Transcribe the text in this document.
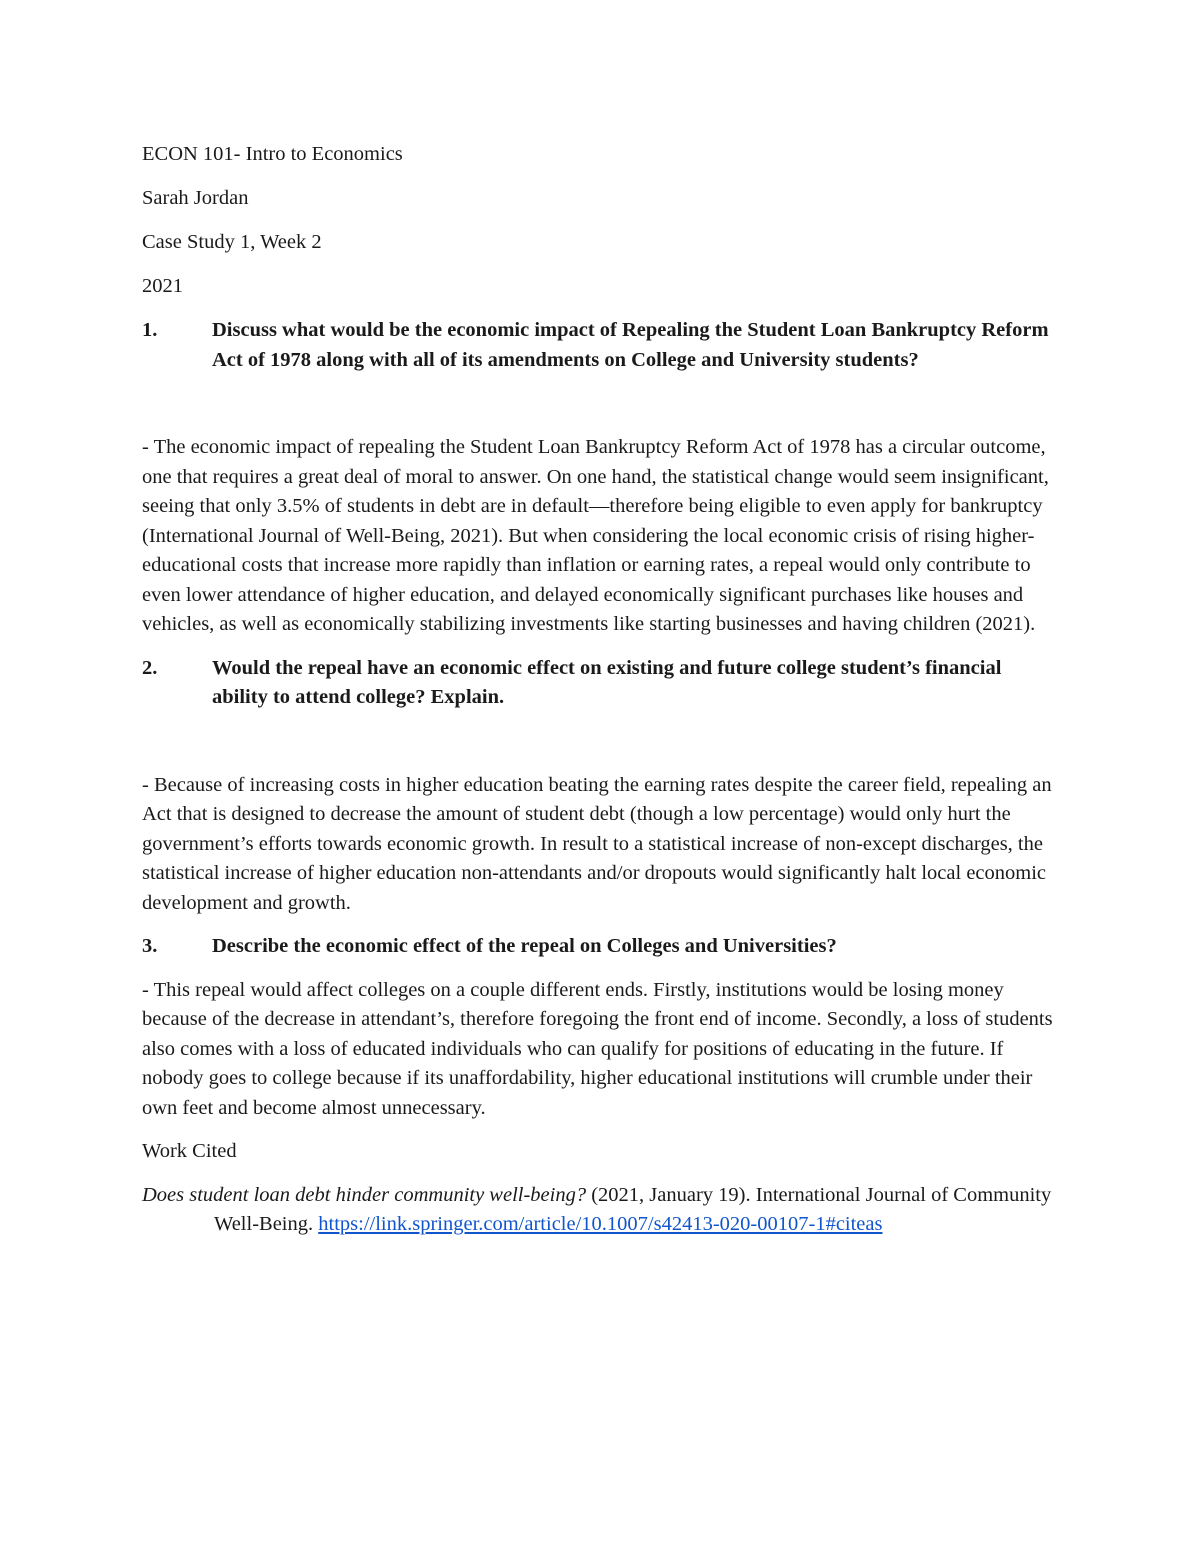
ECON 101- Intro to Economics

Sarah Jordan

Case Study 1, Week 2

2021

1.	Discuss what would be the economic impact of Repealing the Student Loan Bankruptcy Reform Act of 1978 along with all of its amendments on College and University students?

- The economic impact of repealing the Student Loan Bankruptcy Reform Act of 1978 has a circular outcome, one that requires a great deal of moral to answer. On one hand, the statistical change would seem insignificant, seeing that only 3.5% of students in debt are in default—therefore being eligible to even apply for bankruptcy (International Journal of Well-Being, 2021). But when considering the local economic crisis of rising higher-educational costs that increase more rapidly than inflation or earning rates, a repeal would only contribute to even lower attendance of higher education, and delayed economically significant purchases like houses and vehicles, as well as economically stabilizing investments like starting businesses and having children (2021).

2.	Would the repeal have an economic effect on existing and future college student’s financial ability to attend college? Explain.

- Because of increasing costs in higher education beating the earning rates despite the career field, repealing an Act that is designed to decrease the amount of student debt (though a low percentage) would only hurt the government’s efforts towards economic growth. In result to a statistical increase of non-except discharges, the statistical increase of higher education non-attendants and/or dropouts would significantly halt local economic development and growth.

3.	Describe the economic effect of the repeal on Colleges and Universities?

- This repeal would affect colleges on a couple different ends. Firstly, institutions would be losing money because of the decrease in attendant’s, therefore foregoing the front end of income. Secondly, a loss of students also comes with a loss of educated individuals who can qualify for positions of educating in the future. If nobody goes to college because if its unaffordability, higher educational institutions will crumble under their own feet and become almost unnecessary.

Work Cited

Does student loan debt hinder community well-being? (2021, January 19). International Journal of Community Well-Being. https://link.springer.com/article/10.1007/s42413-020-00107-1#citeas
